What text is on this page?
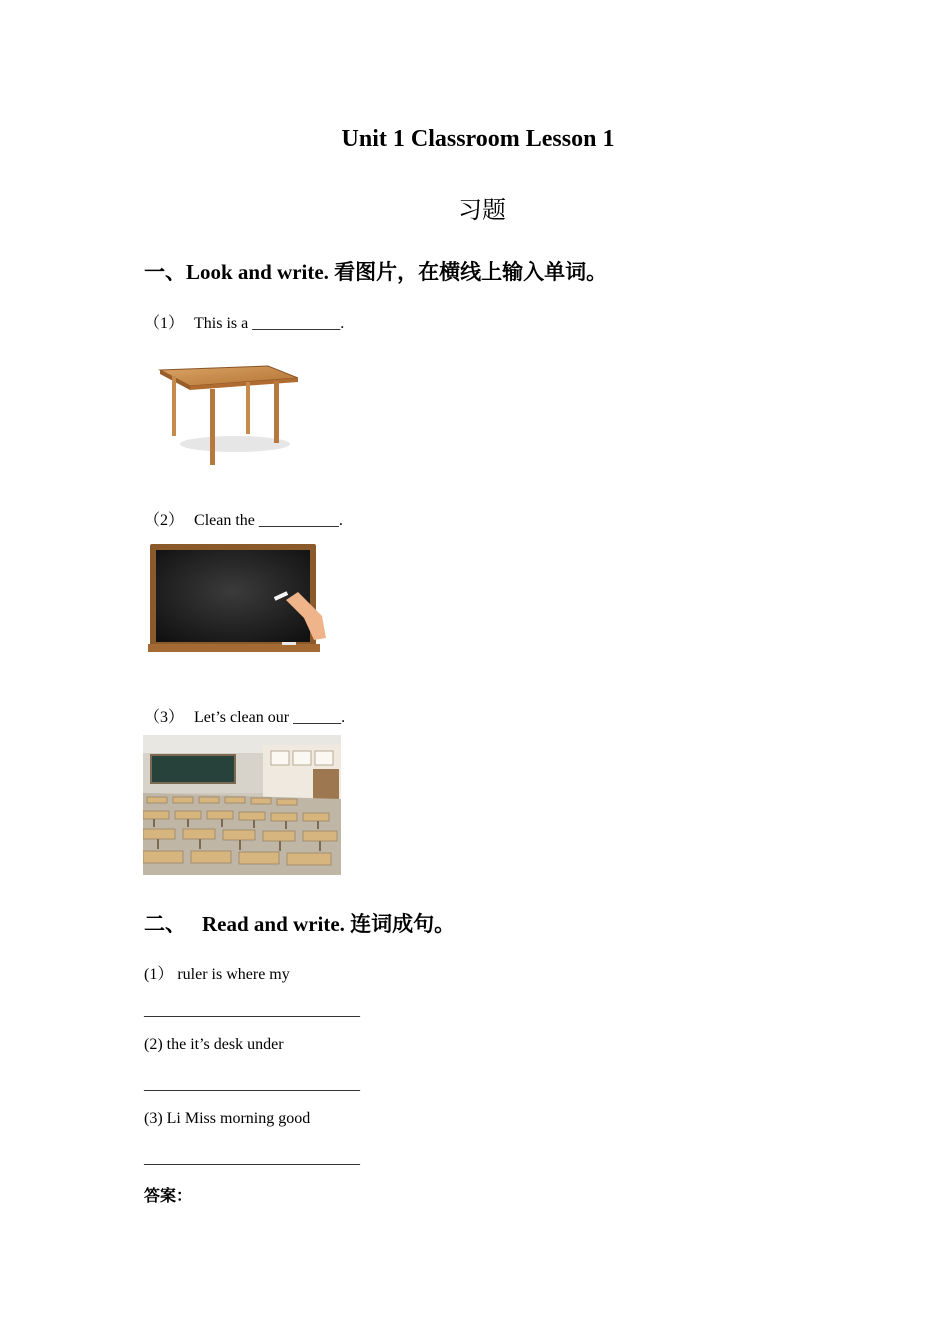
Unit 1 Classroom Lesson 1
习题
一、Look and write. 看图片，在横线上输入单词。
（1） This is a ___________.
（2） Clean the __________.
（3） Let’s clean our ______.
二、 Read and write. 连词成句。
(1） ruler is where my
___________________________
(2) the it’s desk under
___________________________
(3) Li Miss morning good
___________________________
答案：
